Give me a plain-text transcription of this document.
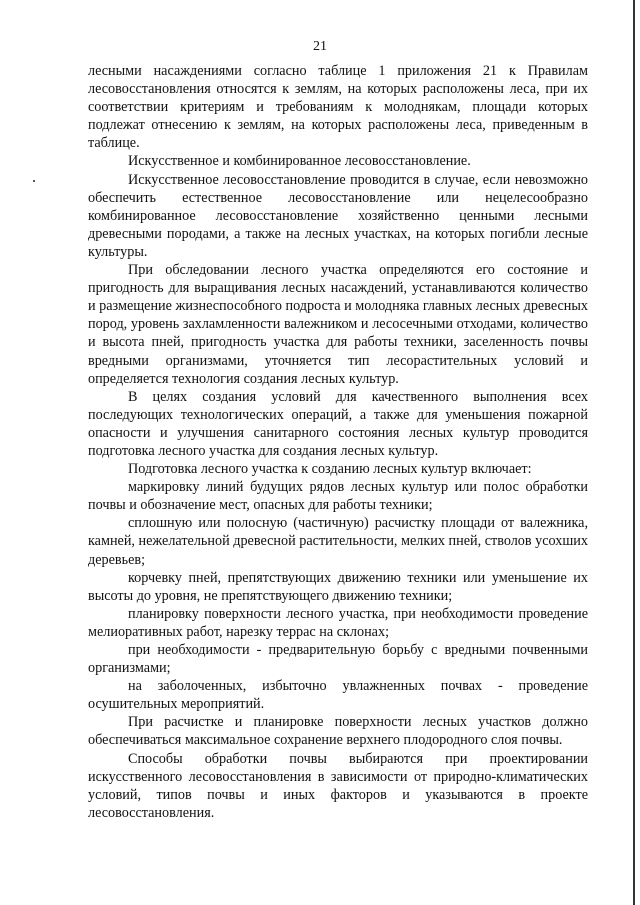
21

лесными насаждениями согласно таблице 1 приложения 21 к Правилам лесовосстановления относятся к землям, на которых расположены леса, при их соответствии критериям и требованиям к молоднякам, площади которых подлежат отнесению к землям, на которых расположены леса, приведенным в таблице.

Искусственное и комбинированное лесовосстановление.

Искусственное лесовосстановление проводится в случае, если невозможно обеспечить естественное лесовосстановление или нецелесообразно комбинированное лесовосстановление хозяйственно ценными лесными древесными породами, а также на лесных участках, на которых погибли лесные культуры.

При обследовании лесного участка определяются его состояние и пригодность для выращивания лесных насаждений, устанавливаются количество и размещение жизнеспособного подроста и молодняка главных лесных древесных пород, уровень захламленности валежником и лесосечными отходами, количество и высота пней, пригодность участка для работы техники, заселенность почвы вредными организмами, уточняется тип лесорастительных условий и определяется технология создания лесных культур.

В целях создания условий для качественного выполнения всех последующих технологических операций, а также для уменьшения пожарной опасности и улучшения санитарного состояния лесных культур проводится подготовка лесного участка для создания лесных культур.

Подготовка лесного участка к созданию лесных культур включает:

маркировку линий будущих рядов лесных культур или полос обработки почвы и обозначение мест, опасных для работы техники;

сплошную или полосную (частичную) расчистку площади от валежника, камней, нежелательной древесной растительности, мелких пней, стволов усохших деревьев;

корчевку пней, препятствующих движению техники или уменьшение их высоты до уровня, не препятствующего движению техники;

планировку поверхности лесного участка, при необходимости проведение мелиоративных работ, нарезку террас на склонах;

при необходимости - предварительную борьбу с вредными почвенными организмами;

на заболоченных, избыточно увлажненных почвах - проведение осушительных мероприятий.

При расчистке и планировке поверхности лесных участков должно обеспечиваться максимальное сохранение верхнего плодородного слоя почвы.

Способы обработки почвы выбираются при проектировании искусственного лесовосстановления в зависимости от природно-климатических условий, типов почвы и иных факторов и указываются в проекте лесовосстановления.
